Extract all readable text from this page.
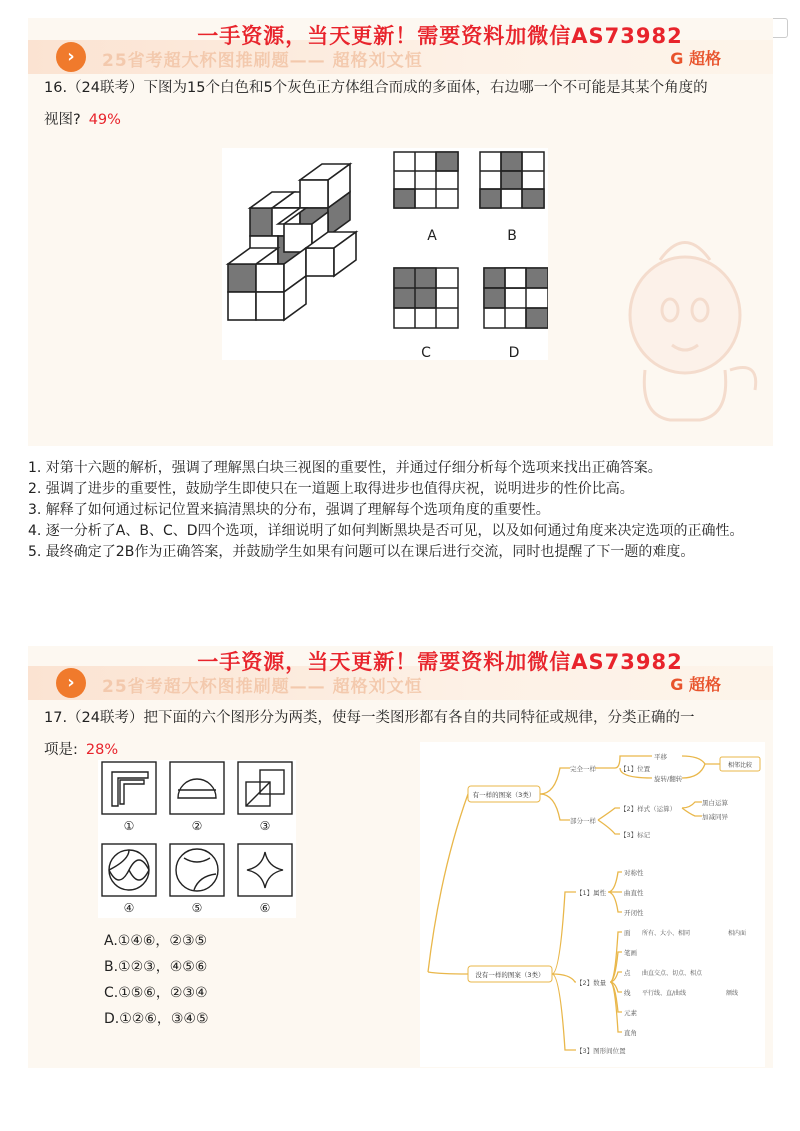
›	25省考超大杯图推刷题—— 超格刘文恒	G 超格
一手资源，当天更新！需要资料加微信AS73982
16.（24联考）下图为15个白色和5个灰色正方体组合而成的多面体，右边哪一个不可能是其某个角度的
视图? 49%
A	B
C	D

1. 对第十六题的解析，强调了理解黑白块三视图的重要性，并通过仔细分析每个选项来找出正确答案。

2. 强调了进步的重要性，鼓励学生即使只在一道题上取得进步也值得庆祝，说明进步的性价比高。

3. 解释了如何通过标记位置来搞清黑块的分布，强调了理解每个选项角度的重要性。

4. 逐一分析了A、B、C、D四个选项，详细说明了如何判断黑块是否可见，以及如何通过角度来决定选项的正确性。

5. 最终确定了2B作为正确答案，并鼓励学生如果有问题可以在课后进行交流，同时也提醒了下一题的难度。

›	25省考超大杯图推刷题—— 超格刘文恒	G 超格
一手资源，当天更新！需要资料加微信AS73982
17.（24联考）把下面的六个图形分为两类，使每一类图形都有各自的共同特征或规律，分类正确的一
项是: 28%
①	②	③
④	⑤	⑥
A.①④⑥，②③⑤
B.①②③，④⑤⑥
C.①⑤⑥，②③④
D.①②⑥，③④⑤
有一样的图案（3类）
完全一样	【1】位置
平移
旋转/翻转
相邻比较
部分一样
【2】样式（运算）
黑白运算
加减同异
【3】标记
没有一样的图案（3类）
【1】属性
对称性
曲直性
开闭性
【2】数量
面 所有、大小、相同	相内面
笔画
点 曲直交点、切点、相点
线 平行线、直/曲线	额线
元素
直角
【3】图形间位置
